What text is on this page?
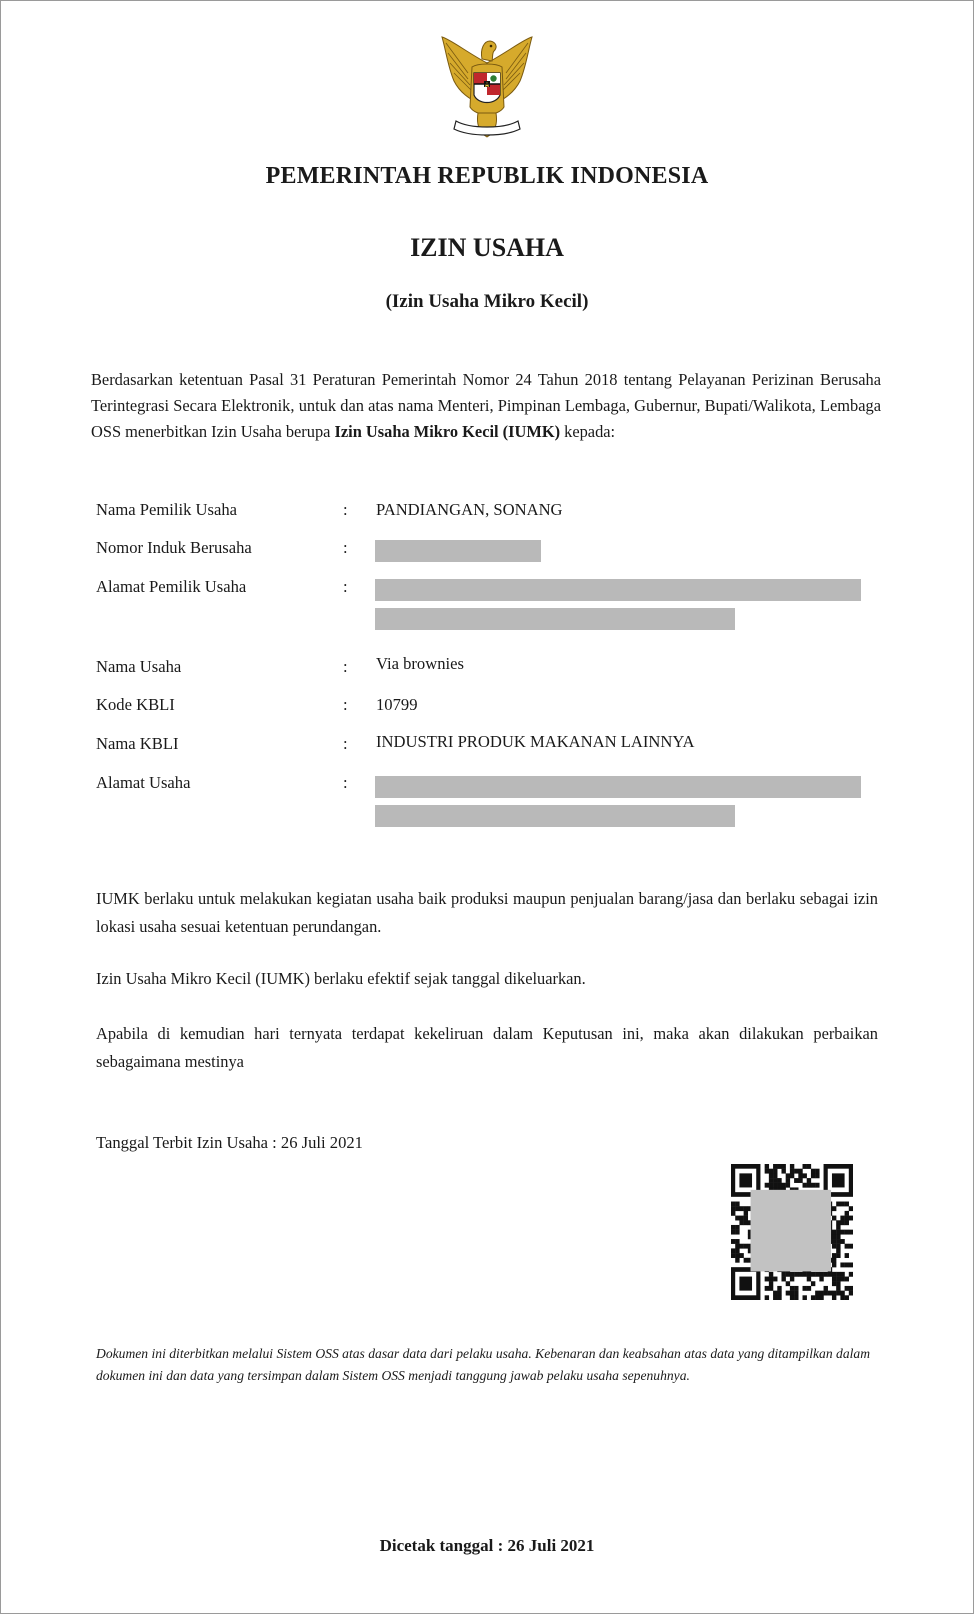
PEMERINTAH REPUBLIK INDONESIA
IZIN USAHA
(Izin Usaha Mikro Kecil)
Berdasarkan ketentuan Pasal 31 Peraturan Pemerintah Nomor 24 Tahun 2018 tentang Pelayanan Perizinan Berusaha Terintegrasi Secara Elektronik, untuk dan atas nama Menteri, Pimpinan Lembaga, Gubernur, Bupati/Walikota, Lembaga OSS menerbitkan Izin Usaha berupa Izin Usaha Mikro Kecil (IUMK) kepada:
Nama Pemilik Usaha	: PANDIANGAN, SONANG
Nomor Induk Berusaha	:
Alamat Pemilik Usaha	:
Nama Usaha	: Via brownies
Kode KBLI	: 10799
Nama KBLI	: INDUSTRI PRODUK MAKANAN LAINNYA
Alamat Usaha	:
IUMK berlaku untuk melakukan kegiatan usaha baik produksi maupun penjualan barang/jasa dan berlaku sebagai izin lokasi usaha sesuai ketentuan perundangan.
Izin Usaha Mikro Kecil (IUMK) berlaku efektif sejak tanggal dikeluarkan.
Apabila di kemudian hari ternyata terdapat kekeliruan dalam Keputusan ini, maka akan dilakukan perbaikan sebagaimana mestinya
Tanggal Terbit Izin Usaha : 26 Juli 2021
Dokumen ini diterbitkan melalui Sistem OSS atas dasar data dari pelaku usaha. Kebenaran dan keabsahan atas data yang ditampilkan dalam dokumen ini dan data yang tersimpan dalam Sistem OSS menjadi tanggung jawab pelaku usaha sepenuhnya.
Dicetak tanggal : 26 Juli 2021
